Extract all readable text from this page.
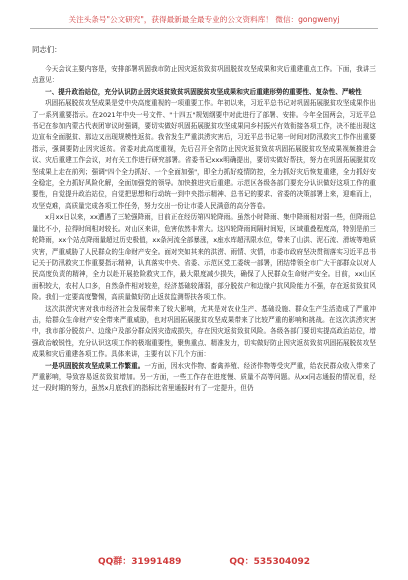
关注头条号"公文研究"，获得最新最全最专业的公文资料库！ 微信：gongwenyj

同志们：

今天会议主要内容是，安排部署巩固我市防止因灾返贫致贫巩固脱贫攻坚成果和灾后重建重点工作。下面，我讲三点意见：

一、提升政治站位，充分认识防止因灾返贫致贫巩固脱贫攻坚成果和灾后重建形势的重要性、复杂性、严峻性

巩固拓展脱贫攻坚成果是党中央高度重视的一项重要工作。年初以来，习近平总书记对巩固拓展脱贫攻坚成果作出了一系列重要指示。在2021年中央一号文件、"十四五"规划纲要中对此进行了部署、安排。今年全国两会，习近平总书记在参加内蒙古代表团审议时强调，要切实做好巩固拓展脱贫攻坚成果同乡村振兴有效衔接各项工作，决不能出现这边宣布全面脱贫、那边又出现规模性返贫。我省发生严重洪涝灾害后，习近平总书记第一时间对防汛救灾工作作出重要指示，强调要防止因灾返贫。省委对此高度重视，先后召开全省防止因灾返贫致贫巩固拓展脱贫攻坚成果视频推进会议、灾后重建工作会议，对有关工作进行研究部署。省委书记xxx明确提出，要切实做好帮扶，努力在巩固拓展脱贫攻坚成果上走在前列；强调"四个全力抓好、一个全面加强"，即全力抓好疫情防控，全力抓好灾后恢复重建，全力抓好安全稳定，全力抓好风险化解，全面加强党的领导。加快推进灾后重建。示范区各级各部门要充分认识做好这项工作的重要性，自觉提升政治站位，自觉把思想和行动统一到中央指示精神、总书记的要求、省委的决策部署上来，迎难而上，攻坚克难，高质量完成各项工作任务，努力交出一份让市委人民满意的高分答卷。

x月xx日以来，xx遭遇了三轮强降雨，目前正在经历第四轮降雨。虽然小时降雨、集中降雨相对弱一些，但降雨总量比不小，拉得时间相对较长。对山区来讲，危害依然非常大。这四轮降雨间隔时间短，区域重叠程度高，特别是前三轮降雨，xx个站点降雨量超过历史极值，xx条河流全部暴涨，x座水库超汛限水位，带来了山洪、泥石流、滑坡等地质灾害，严重威胁了人民群众的生命财产安全。面对突如其来的洪涝、雨情、灾情，市委市政府坚决贯彻落实习近平总书记关于防汛救灾工作重要指示精神，认真落实中央、省委、示范区党工委统一部署，团结带领全市广大干部群众以对人民高度负责的精神，全力以赴开展抢险救灾工作，最大限度减少损失，确保了人民群众生命财产安全。目前，xx山区面积较大，农村人口多，自然条件相对较差，经济基础较薄弱，部分脱贫户和边缘户抗风险能力不强，存在返贫致贫风险。我们一定要高度警惕，高质量做好防止返贫监测帮扶各项工作。

这次洪涝灾害对我市经济社会发展带来了较大影响，尤其是对农业生产、基础设施、群众生产生活造成了严重冲击，给群众生命财产安全带来严重威胁，也对巩固拓展脱贫攻坚成果带来了比较严重的影响和挑战。在这次洪涝灾害中，我市部分脱贫户、边缘户及部分群众因灾造成损失，存在因灾返贫致贫风险。各级各部门要切实提高政治站位，增强政治敏锐性，充分认识这项工作的极端重要性，聚焦重点、精准发力，切实做好防止因灾返贫致贫巩固拓展脱贫攻坚成果和灾后重建各项工作。具体来讲，主要有以下几个方面：

一是巩固脱贫攻坚成果工作繁重。一方面，因水灾作物、畜禽养殖、经济作物等受灾严重，给农民群众收入带来了严重影响，导致容易返贫致贫增加。另一方面，一些工作存在进度慢、质量不高等问题。从xx同志通报的情况看，经过一段时期的努力，虽然x月底我们的指标比省里通报时有了一定提升，但仍

QQ群：31991489	QQ：535304092
